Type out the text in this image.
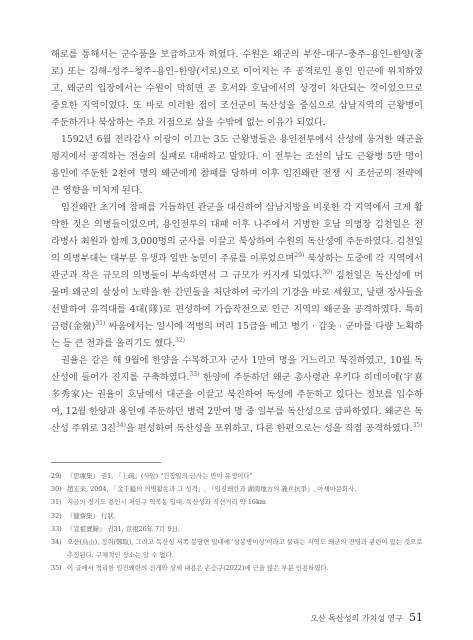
해로를 통해서는 군수품을 보급하고자 하였다. 수원은 왜군의 부산–대구–충주–용인–한양(중로) 또는 김해–성주–청주–용인–한양(서로)으로 이어지는 주 공격로인 용인 인근에 위치하였고, 왜군의 입장에서는 수원이 막히면 곧 호서와 호남에서의 상경이 차단되는 것이었으므로 중요한 지역이었다. 또 바로 이러한 점이 조선군이 독산성을 중심으로 삼남지역의 근왕병이 주둔하거나 북상하는 주요 거점으로 삼을 수밖에 없는 이유가 되었다.

1592년 6월 전라감사 이광이 이끄는 3도 근왕병들은 용인전투에서 산성에 웅거한 왜군을 평지에서 공격하는 전술의 실패로 대패하고 말았다. 이 전투는 조선의 남도 근왕병 5만 명이 용인에 주둔한 2천여 명의 왜군에게 참패를 당하며 이후 임진왜란 전쟁 시 조선군의 전략에 큰 영향을 미치게 된다.

임진왜란 초기에 참패를 거듭하던 관군을 대신하여 삼남지방을 비롯한 각 지역에서 크게 활약한 것은 의병들이었으며, 용인전투의 대패 이후 나주에서 거병한 호남 의병장 김천일은 전라병사 최원과 함께 3,000명의 군사를 이끌고 북상하여 수원의 독산성에 주둔하였다. 김천일의 의병부대는 대부분 유생과 일반 농민이 주류를 이루었으며$^{29)}$ 북상하는 도중에 각 지역에서 관군과 작은 규모의 의병들이 부속하면서 그 규모가 커지게 되었다.$^{30)}$ 김천일은 독산성에 머물며 왜군의 살상이 노략을 한 간민들을 처단하여 국가의 기강을 바로 세웠고, 날랜 장사들을 선발하여 유격대를 4대(隊)로 편성하여 가습작전으로 인근 지역의 왜군을 공격하였다. 특히 금령(金嶺)$^{31)}$ 싸움에서는 일시에 적병의 머리 15급을 베고 병기 · 갑옷 · 군마를 다량 노획하는 등 큰 전과를 올리기도 했다.$^{32)}$

권율은 같은 해 9월에 한양을 수복하고자 군사 1만여 명을 거느리고 북진하였고, 10월 독산성에 들어가 진지를 구축하였다.$^{33)}$ 한양에 주둔하던 왜군 총사령관 우키다 히데이에(宇喜多秀家)는 권율이 호남에서 대군을 이끌고 북진하여 독성에 주둔하고 있다는 정보를 입수하여, 12월 한양과 용인에 주둔하던 병력 2만여 명 중 일부를 독산성으로 급파하였다. 왜군은 독산성 주위로 3진$^{34)}$을 편성하여 독산성을 포위하고, 다른 한편으로는 성을 직접 공격하였다.$^{35)}$

29) 『思庵集』 권1, 「上疏」(사암) "건장일의 군사는 반이 유생이다"
30) 趙宏来, 2004, 「金千鎰의 의병활동과 그 성격」, 『임진왜란과 湖南地方의 義兵抗爭』, 아세아문화사.
31) 지금의 경기도 용인시 처인구 역북동 일대. 독산성과 직선거리 약 16km
32) 『健齋集』 行狀.
33) 『宣祖實錄』 권31, 宣祖26年 7月 9日.
34) 오산(烏山), 정취(鄭取), 그리고 독산성 서쪽 봉담면 일대에 '삼봉병이싱'이라고 불리는 지역도 왜군의 진영과 관련이 있는 것으로 추정된다. 구체적인 장소는 알 수 없다.
35) 이 글에서 정리한 임진왜란의 전개와 상세 내용은 손승구(2022)에 근을 많은 부분 인용하였다.
오산 독산성의 가치성 연구 51
